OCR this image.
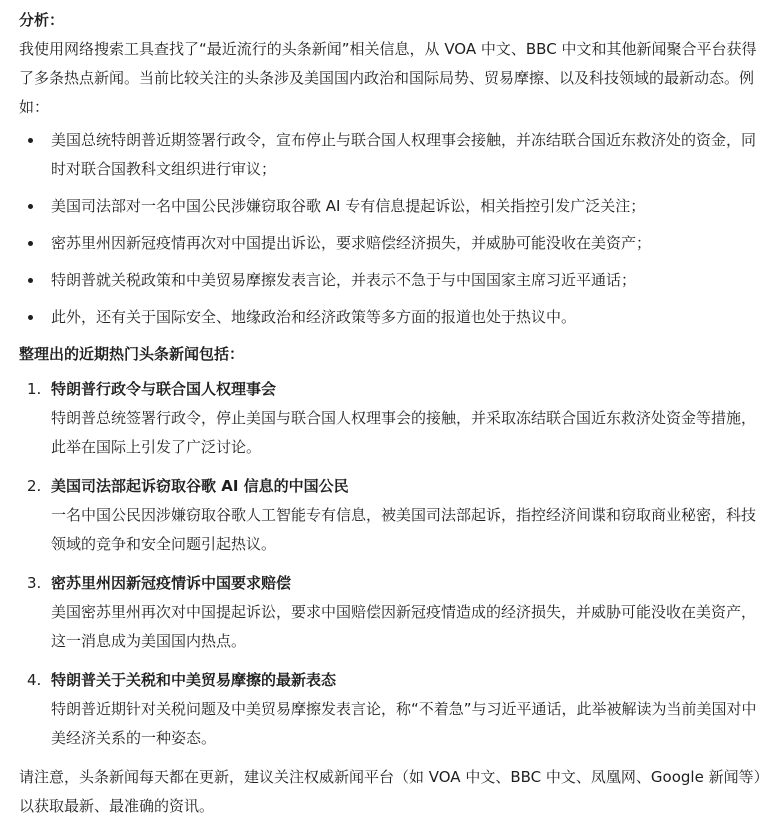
分析：

我使用网络搜索工具查找了“最近流行的头条新闻”相关信息，从 VOA 中文、BBC 中文和其他新闻聚合平台获得了多条热点新闻。当前比较关注的头条涉及美国国内政治和国际局势、贸易摩擦、以及科技领域的最新动态。例如：

美国总统特朗普近期签署行政令，宣布停止与联合国人权理事会接触，并冻结联合国近东救济处的资金，同时对联合国教科文组织进行审议；
美国司法部对一名中国公民涉嫌窃取谷歌 AI 专有信息提起诉讼，相关指控引发广泛关注；
密苏里州因新冠疫情再次对中国提出诉讼，要求赔偿经济损失，并威胁可能没收在美资产；
特朗普就关税政策和中美贸易摩擦发表言论，并表示不急于与中国国家主席习近平通话；
此外，还有关于国际安全、地缘政治和经济政策等多方面的报道也处于热议中。

整理出的近期热门头条新闻包括：

1. 特朗普行政令与联合国人权理事会
特朗普总统签署行政令，停止美国与联合国人权理事会的接触，并采取冻结联合国近东救济处资金等措施，此举在国际上引发了广泛讨论。
2. 美国司法部起诉窃取谷歌 AI 信息的中国公民
一名中国公民因涉嫌窃取谷歌人工智能专有信息，被美国司法部起诉，指控经济间谍和窃取商业秘密，科技领域的竞争和安全问题引起热议。
3. 密苏里州因新冠疫情诉中国要求赔偿
美国密苏里州再次对中国提起诉讼，要求中国赔偿因新冠疫情造成的经济损失，并威胁可能没收在美资产，这一消息成为美国国内热点。
4. 特朗普关于关税和中美贸易摩擦的最新表态
特朗普近期针对关税问题及中美贸易摩擦发表言论，称“不着急”与习近平通话，此举被解读为当前美国对中美经济关系的一种姿态。

请注意，头条新闻每天都在更新，建议关注权威新闻平台（如 VOA 中文、BBC 中文、凤凰网、Google 新闻等）以获取最新、最准确的资讯。
